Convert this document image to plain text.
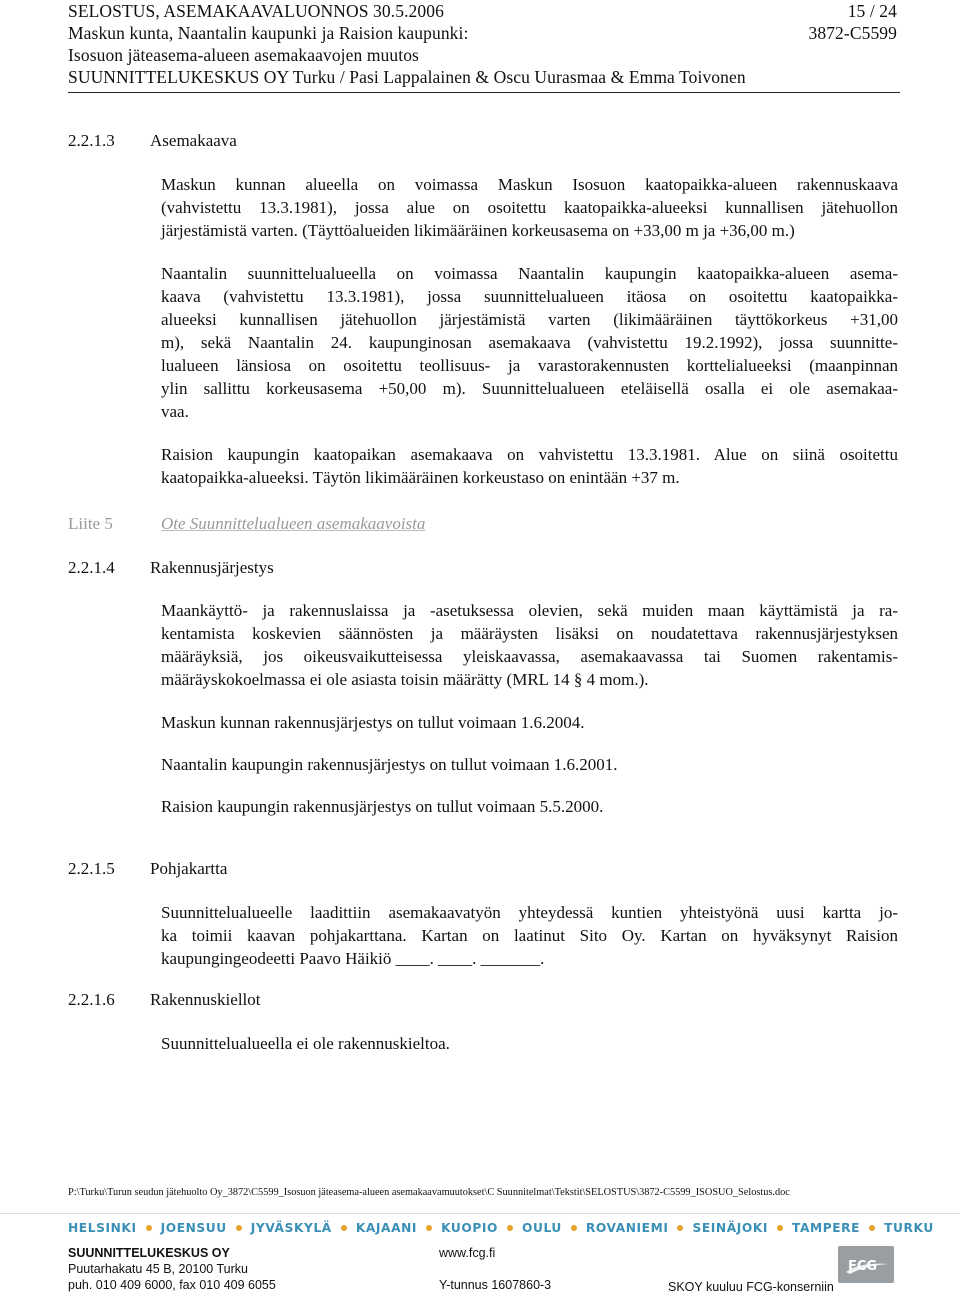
SELOSTUS, ASEMAKAAVALUONNOS 30.5.2006	15 / 24
Maskun kunta, Naantalin kaupunki ja Raision kaupunki:	3872-C5599
Isosuon jäteasema-alueen asemakaavojen muutos
SUUNNITTELUKESKUS OY Turku / Pasi Lappalainen & Oscu Uurasmaa & Emma Toivonen
2.2.1.3 Asemakaava
Maskun kunnan alueella on voimassa Maskun Isosuon kaatopaikka-alueen rakennuskaava
(vahvistettu 13.3.1981), jossa alue on osoitettu kaatopaikka-alueeksi kunnallisen jätehuollon
järjestämistä varten. (Täyttöalueiden likimääräinen korkeusasema on +33,00 m ja +36,00 m.)
Naantalin suunnittelualueella on voimassa Naantalin kaupungin kaatopaikka-alueen asema-
kaava (vahvistettu 13.3.1981), jossa suunnittelualueen itäosa on osoitettu kaatopaikka-
alueeksi kunnallisen jätehuollon järjestämistä varten (likimääräinen täyttökorkeus +31,00
m), sekä Naantalin 24. kaupunginosan asemakaava (vahvistettu 19.2.1992), jossa suunnitte-
lualueen länsiosa on osoitettu teollisuus- ja varastorakennusten korttelialueeksi (maanpinnan
ylin sallittu korkeusasema +50,00 m). Suunnittelualueen eteläisellä osalla ei ole asemakaa-
vaa.
Raision kaupungin kaatopaikan asemakaava on vahvistettu 13.3.1981. Alue on siinä osoitettu
kaatopaikka-alueeksi. Täytön likimääräinen korkeustaso on enintään +37 m.
Liite 5	Ote Suunnittelualueen asemakaavoista
2.2.1.4 Rakennusjärjestys
Maankäyttö- ja rakennuslaissa ja -asetuksessa olevien, sekä muiden maan käyttämistä ja ra-
kentamista koskevien säännösten ja määräysten lisäksi on noudatettava rakennusjärjestyksen
määräyksiä, jos oikeusvaikutteisessa yleiskaavassa, asemakaavassa tai Suomen rakentamis-
määräyskokoelmassa ei ole asiasta toisin määrätty (MRL 14 § 4 mom.).
Maskun kunnan rakennusjärjestys on tullut voimaan 1.6.2004.
Naantalin kaupungin rakennusjärjestys on tullut voimaan 1.6.2001.
Raision kaupungin rakennusjärjestys on tullut voimaan 5.5.2000.
2.2.1.5 Pohjakartta
Suunnittelualueelle laadittiin asemakaavatyön yhteydessä kuntien yhteistyönä uusi kartta jo-
ka toimii kaavan pohjakarttana. Kartan on laatinut Sito Oy. Kartan on hyväksynyt Raision
kaupungingeodeetti Paavo Häikiö ____. ____. _______.
2.2.1.6 Rakennuskiellot
Suunnittelualueella ei ole rakennuskieltoa.
P:\Turku\Turun seudun jätehuolto Oy_3872\C5599_Isosuon jäteasema-alueen asemakaavamuutokset\C Suunnitelmat\Tekstit\SELOSTUS\3872-C5599_ISOSUO_Selostus.doc
HELSINKI JOENSUU JYVÄSKYLÄ KAJAANI KUOPIO OULU ROVANIEMI SEINÄJOKI TAMPERE TURKU
SUUNNITTELUKESKUS OY
Puutarhakatu 45 B, 20100 Turku
puh. 010 409 6000, fax 010 409 6055
www.fcg.fi
Y-tunnus 1607860-3	SKOY kuuluu FCG-konserniin
FCG
